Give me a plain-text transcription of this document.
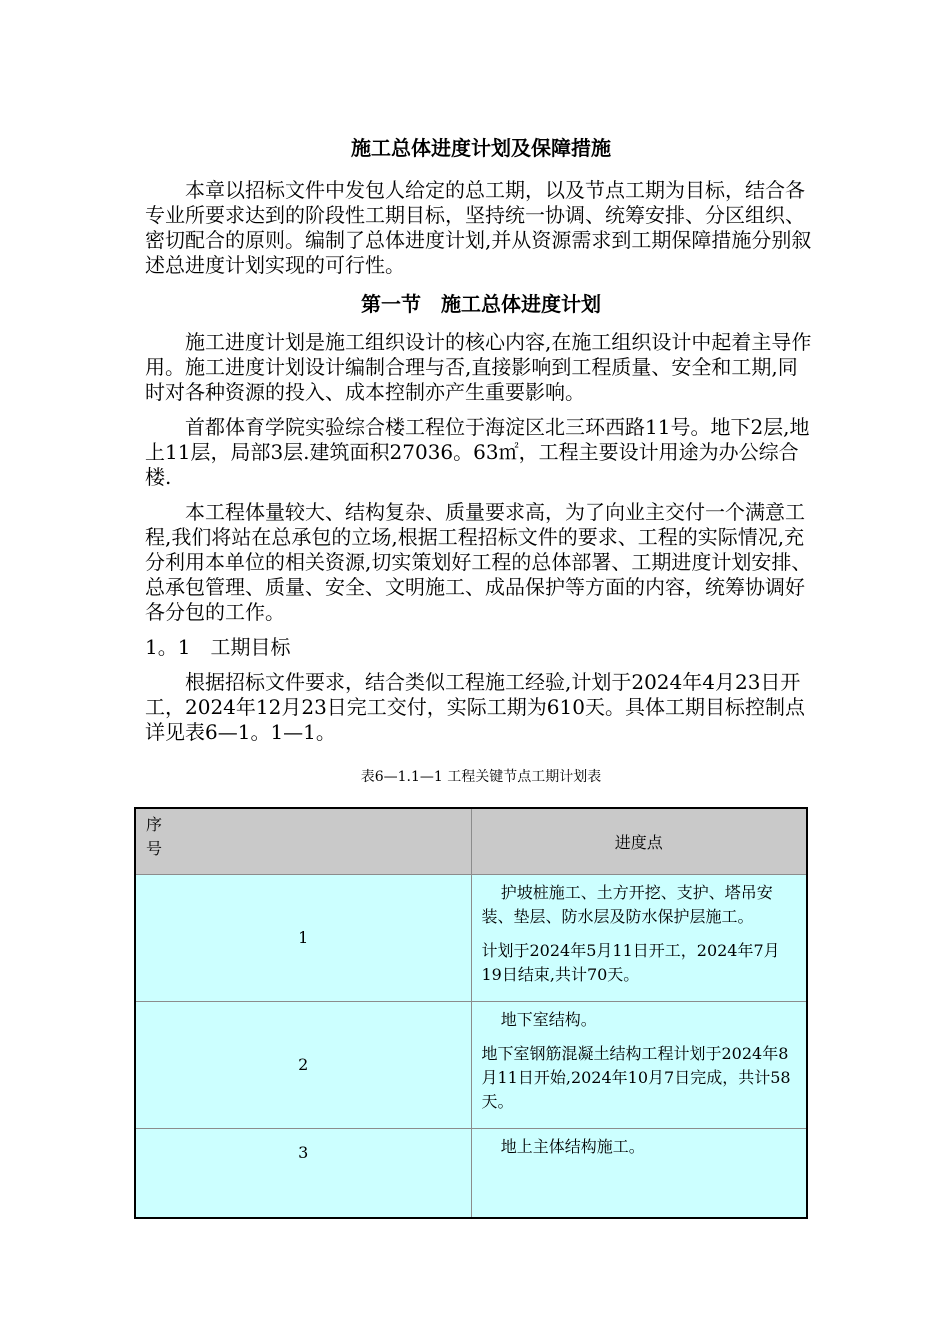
施工总体进度计划及保障措施

本章以招标文件中发包人给定的总工期，以及节点工期为目标，结合各专业所要求达到的阶段性工期目标，坚持统一协调、统筹安排、分区组织、密切配合的原则。编制了总体进度计划,并从资源需求到工期保障措施分别叙述总进度计划实现的可行性。

第一节　施工总体进度计划

施工进度计划是施工组织设计的核心内容,在施工组织设计中起着主导作用。施工进度计划设计编制合理与否,直接影响到工程质量、安全和工期,同时对各种资源的投入、成本控制亦产生重要影响。

首都体育学院实验综合楼工程位于海淀区北三环西路11号。地下2层,地上11层，局部3层.建筑面积27036。63㎡，工程主要设计用途为办公综合楼.

本工程体量较大、结构复杂、质量要求高，为了向业主交付一个满意工程,我们将站在总承包的立场,根据工程招标文件的要求、工程的实际情况,充分利用本单位的相关资源,切实策划好工程的总体部署、工期进度计划安排、总承包管理、质量、安全、文明施工、成品保护等方面的内容，统筹协调好各分包的工作。

1。1　工期目标

根据招标文件要求，结合类似工程施工经验,计划于2024年4月23日开工，2024年12月23日完工交付，实际工期为610天。具体工期目标控制点详见表6—1。1—1。

表6—1.1—1 工程关键节点工期计划表
序号	进度点
1	护坡桩施工、土方开挖、支护、塔吊安装、垫层、防水层及防水保护层施工。
计划于2024年5月11日开工，2024年7月19日结束,共计70天。

2	地下室结构。
地下室钢筋混凝土结构工程计划于2024年8月11日开始,2024年10月7日完成，共计58天。

3	地上主体结构施工。
